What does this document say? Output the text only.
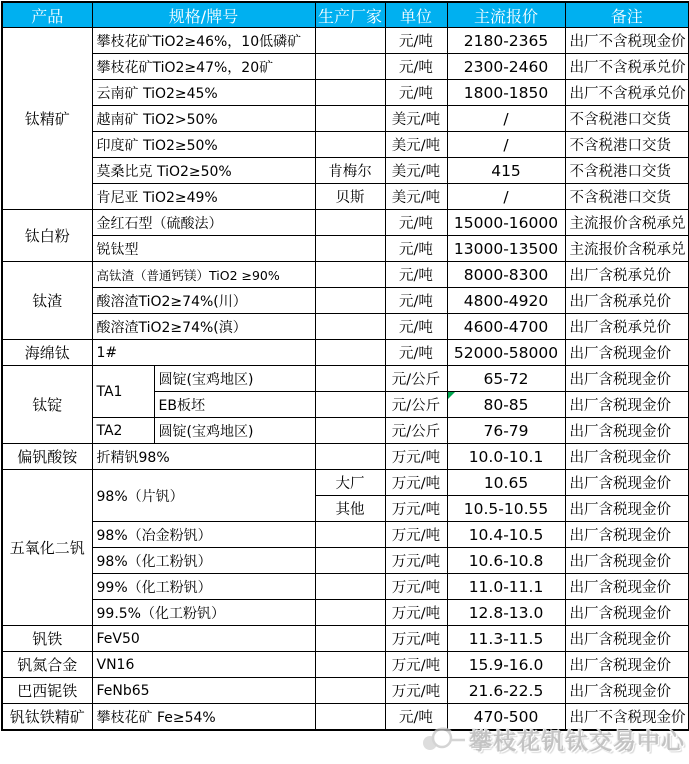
产品	规格/牌号		生产厂家	单位	主流报价	备注
钛精矿	攀枝花矿TiO2≥46%，10低磷矿			元/吨	2180-2365	出厂不含税现金价
	攀枝花矿TiO2≥47%，20矿			元/吨	2300-2460	出厂不含税承兑价
	云南矿 TiO2≥45%			元/吨	1800-1850	出厂不含税承兑价
	越南矿 TiO2>50%			美元/吨	/	不含税港口交货
	印度矿 TiO2≥50%			美元/吨	/	不含税港口交货
	莫桑比克 TiO2≥50%		肯梅尔	美元/吨	415	不含税港口交货
	肯尼亚 TiO2≥49%		贝斯	美元/吨	/	不含税港口交货
钛白粉	金红石型（硫酸法）			元/吨	15000-16000	主流报价含税承兑
	锐钛型			元/吨	13000-13500	主流报价含税承兑
钛渣	高钛渣（普通钙镁）TiO2 ≥90%			元/吨	8000-8300	出厂含税承兑价
	酸溶渣TiO2≥74%(川）			元/吨	4800-4920	出厂含税承兑价
	酸溶渣TiO2≥74%(滇）			元/吨	4600-4700	出厂含税承兑价
海绵钛	1#			元/吨	52000-58000	出厂含税现金价
钛锭	TA1	圆锭(宝鸡地区)		元/公斤	65-72	出厂含税现金价
		EB板坯		元/公斤	80-85	出厂含税现金价
	TA2	圆锭(宝鸡地区)		元/公斤	76-79	出厂含税现金价
偏钒酸铵	折精钒98%			万元/吨	10.0-10.1	出厂含税现金价
五氧化二钒	98%（片钒）		大厂	万元/吨	10.65	出厂含税现金价
			其他	万元/吨	10.5-10.55	出厂含税现金价
	98%（冶金粉钒）			万元/吨	10.4-10.5	出厂含税现金价
	98%（化工粉钒）			万元/吨	10.6-10.8	出厂含税现金价
	99%（化工粉钒）			万元/吨	11.0-11.1	出厂含税现金价
	99.5%（化工粉钒）			万元/吨	12.8-13.0	出厂含税现金价
钒铁	FeV50			万元/吨	11.3-11.5	出厂含税现金价
钒氮合金	VN16			万元/吨	15.9-16.0	出厂含税现金价
巴西铌铁	FeNb65			万元/吨	21.6-22.5	出厂含税现金价
钒钛铁精矿	攀枝花矿 Fe≥54%			元/吨	470-500	出厂不含税现金价
攀枝花钒钛交易中心
